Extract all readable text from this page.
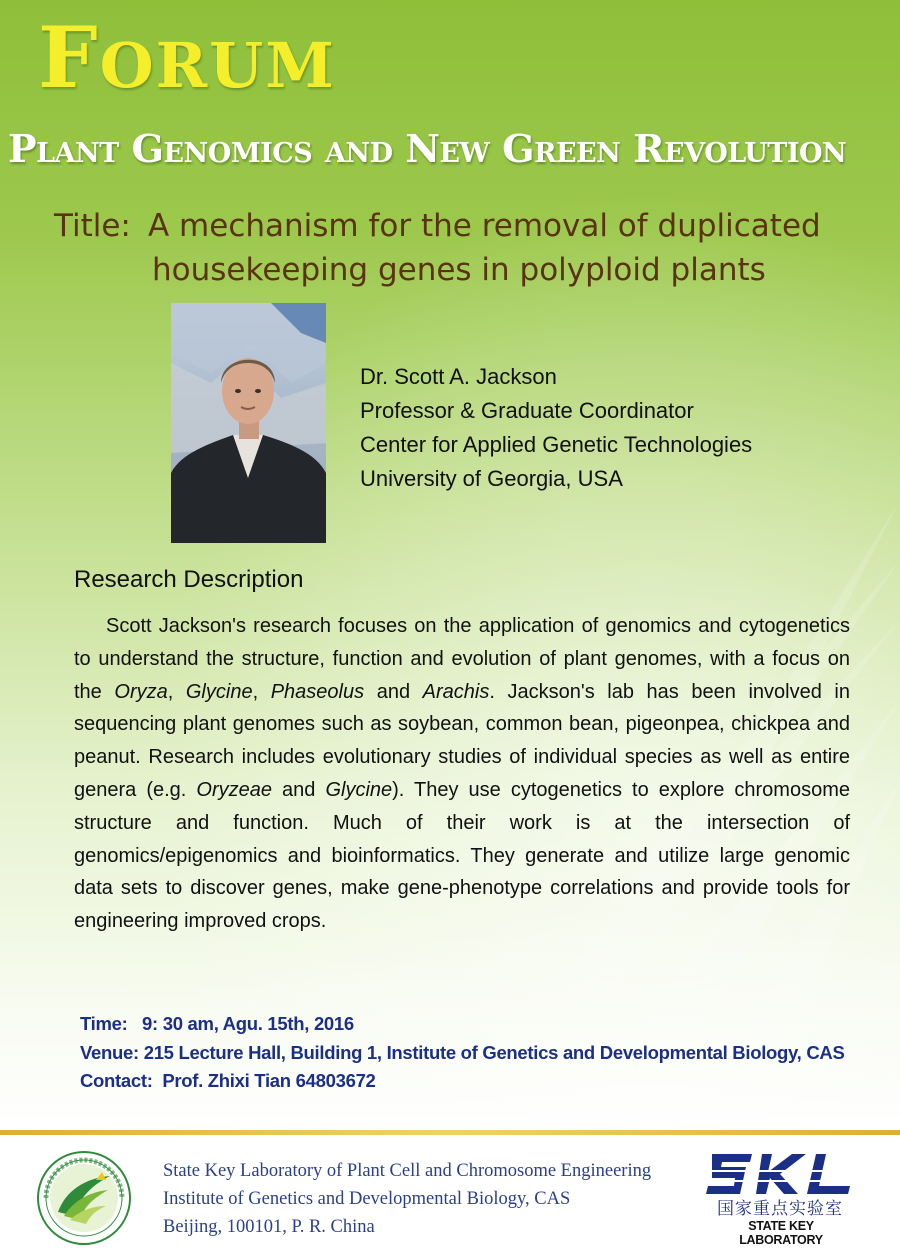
FORUM
Plant Genomics and New Green Revolution
Title: A mechanism for the removal of duplicated
housekeeping genes in polyploid plants
Dr. Scott A. Jackson
Professor & Graduate Coordinator
Center for Applied Genetic Technologies
University of Georgia, USA
Research Description

Scott Jackson's research focuses on the application of genomics and cytogenetics to understand the structure, function and evolution of plant genomes, with a focus on the Oryza, Glycine, Phaseolus and Arachis. Jackson's lab has been involved in sequencing plant genomes such as soybean, common bean, pigeonpea, chickpea and peanut. Research includes evolutionary studies of individual species as well as entire genera (e.g. Oryzeae and Glycine). They use cytogenetics to explore chromosome structure and function. Much of their work is at the intersection of genomics/epigenomics and bioinformatics. They generate and utilize large genomic data sets to discover genes, make gene-phenotype correlations and provide tools for engineering improved crops.

Time: 9: 30 am, Agu. 15th, 2016
Venue: 215 Lecture Hall, Building 1, Institute of Genetics and Developmental Biology, CAS
Contact: Prof. Zhixi Tian 64803672
State Key Laboratory of Plant Cell and Chromosome Engineering
Institute of Genetics and Developmental Biology, CAS
Beijing, 100101, P. R. China
国家重点实验室
STATE KEY LABORATORY
